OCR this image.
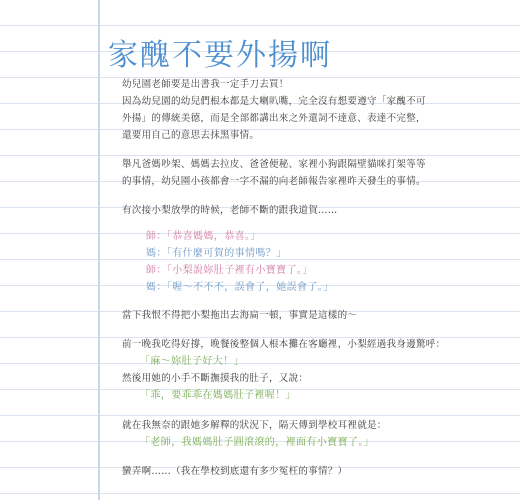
家醜不要外揚啊
幼兒園老師要是出書我一定手刀去買！
因為幼兒園的幼兒們根本都是大喇叭嘴，完全沒有想要遵守「家醜不可
外揚」的傳統美德，而是全部都講出來之外還詞不達意、表達不完整，
還要用自己的意思去抹黑事情。
舉凡爸媽吵架、媽媽去拉皮、爸爸便秘、家裡小狗跟隔壁貓咪打架等等
的事情，幼兒園小孩都會一字不漏的向老師報告家裡昨天發生的事情。
有次接小梨放學的時候，老師不斷的跟我道賀……
師：「恭喜媽媽，恭喜。」
媽：「有什麼可賀的事情嗎？」
師：「小梨說妳肚子裡有小寶寶了。」
媽：「喔～不不不，誤會了，她誤會了。」
當下我恨不得把小梨拖出去海扁一頓，事實是這樣的～
前一晚我吃得好撐，晚餐後整個人根本攤在客廳裡，小梨經過我身邊驚呼：
「麻～妳肚子好大！」
然後用她的小手不斷撫摸我的肚子，又說：
「乖，要乖乖在媽媽肚子裡喔！」
就在我無奈的跟她多解釋的狀況下，隔天傳到學校耳裡就是：
「老師，我媽媽肚子圓滾滾的，裡面有小寶寶了。」
蠻弄啊……（我在學校到底還有多少冤枉的事情？）
